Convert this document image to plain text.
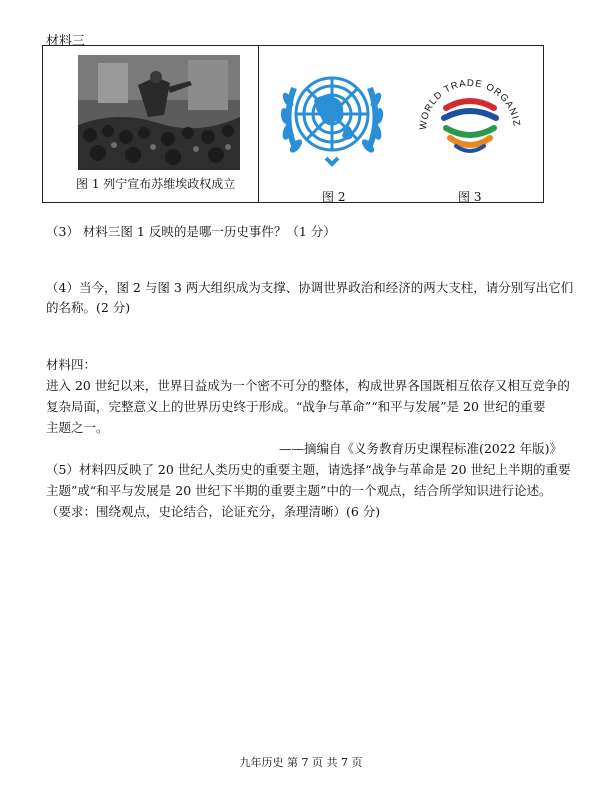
材料三
图 1 列宁宣布苏维埃政权成立
图 2
WORLD TRADE ORGANIZ
图 3
（3） 材料三图 1 反映的是哪一历史事件？（1 分）
（4）当今，图 2 与图 3 两大组织成为支撑、协调世界政治和经济的两大支柱，请分别写出它们
的名称。(2 分)
材料四：
进入 20 世纪以来，世界日益成为一个密不可分的整体，构成世界各国既相互依存又相互竞争的
复杂局面，完整意义上的世界历史终于形成。“战争与革命”“和平与发展”是 20 世纪的重要
主题之一。
——摘编自《义务教育历史课程标准(2022 年版)》
（5）材料四反映了 20 世纪人类历史的重要主题，请选择“战争与革命是 20 世纪上半期的重要
主题”或“和平与发展是 20 世纪下半期的重要主题”中的一个观点，结合所学知识进行论述。
（要求：围绕观点，史论结合，论证充分，条理清晰）(6 分)
九年历史 第 7 页 共 7 页
